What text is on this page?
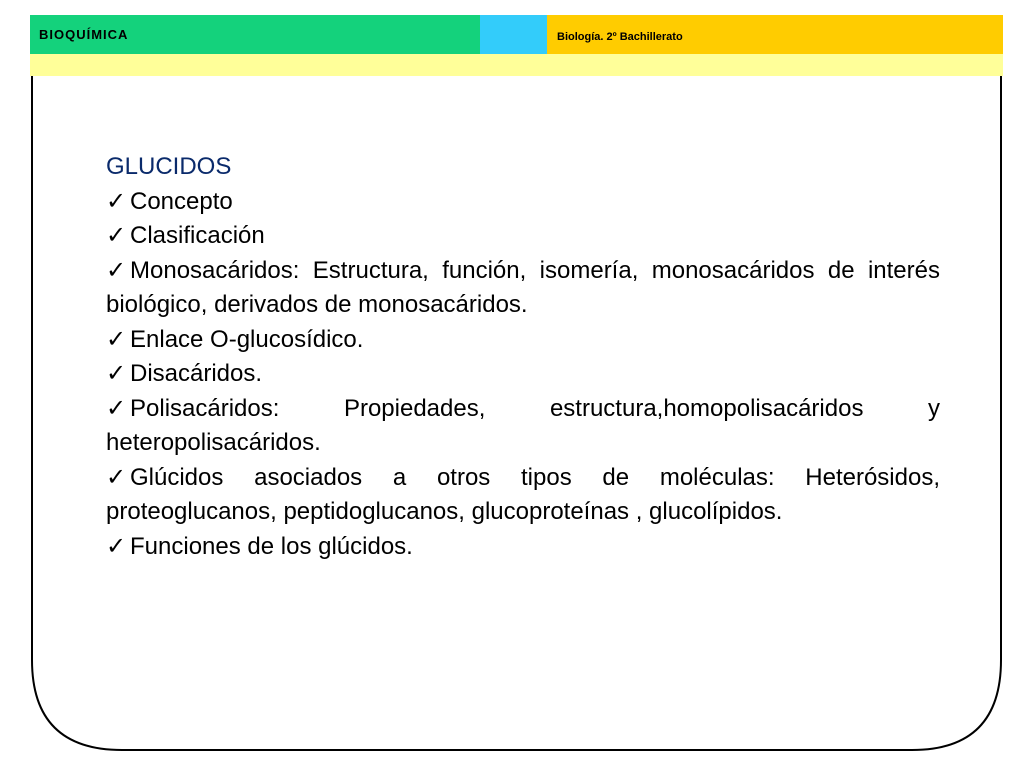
BIOQUÍMICA	Biología. 2º Bachillerato
GLUCIDOS
✓ Concepto
✓ Clasificación
✓ Monosacáridos: Estructura, función, isomería, monosacáridos de interés biológico, derivados de monosacáridos.
✓ Enlace O-glucosídico.
✓ Disacáridos.
✓ Polisacáridos: Propiedades, estructura,homopolisacáridos y heteropolisacáridos.
✓ Glúcidos asociados a otros tipos de moléculas: Heterósidos, proteoglucanos, peptidoglucanos, glucoproteínas , glucolípidos.
✓ Funciones de los glúcidos.
